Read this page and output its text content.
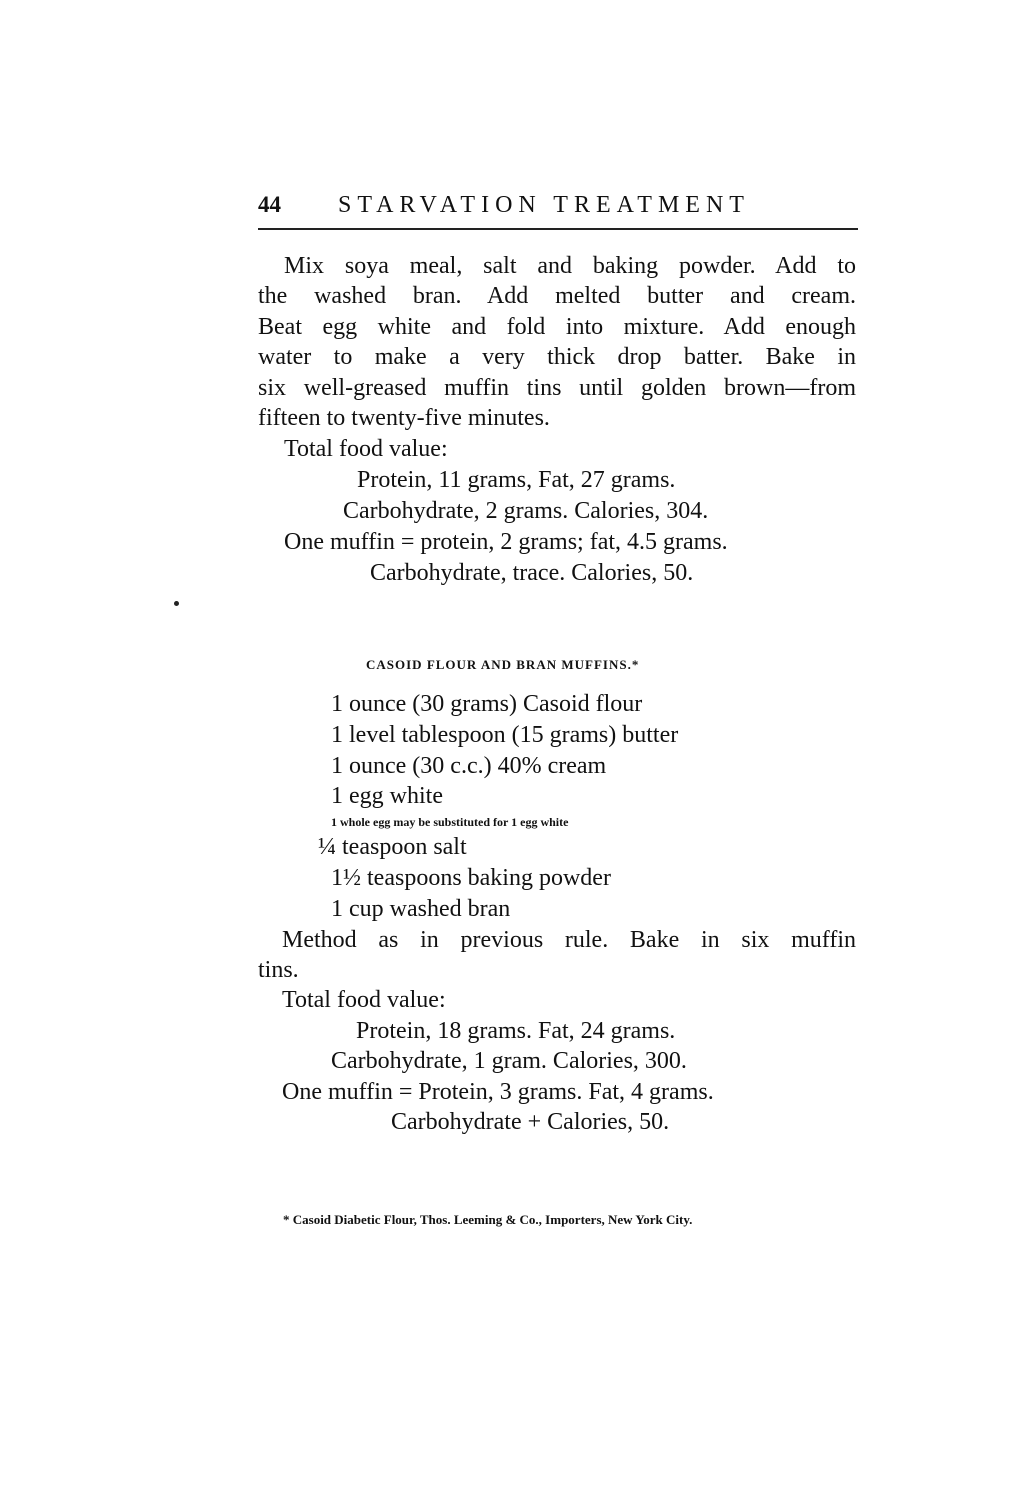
44 STARVATION TREATMENT
Mix soya meal, salt and baking powder. Add to
the washed bran. Add melted butter and cream.
Beat egg white and fold into mixture. Add enough
water to make a very thick drop batter. Bake in
six well-greased muffin tins until golden brown—from
fifteen to twenty-five minutes.
Total food value:
Protein, 11 grams, Fat, 27 grams.
Carbohydrate, 2 grams. Calories, 304.
One muffin = protein, 2 grams; fat, 4.5 grams.
Carbohydrate, trace. Calories, 50.
CASOID FLOUR AND BRAN MUFFINS.*
1 ounce (30 grams) Casoid flour
1 level tablespoon (15 grams) butter
1 ounce (30 c.c.) 40% cream
1 egg white
1 whole egg may be substituted for 1 egg white
¼ teaspoon salt
1½ teaspoons baking powder
1 cup washed bran
Method as in previous rule. Bake in six muffin
tins.
Total food value:
Protein, 18 grams. Fat, 24 grams.
Carbohydrate, 1 gram. Calories, 300.
One muffin = Protein, 3 grams. Fat, 4 grams.
Carbohydrate + Calories, 50.
* Casoid Diabetic Flour, Thos. Leeming & Co., Importers, New York City.
